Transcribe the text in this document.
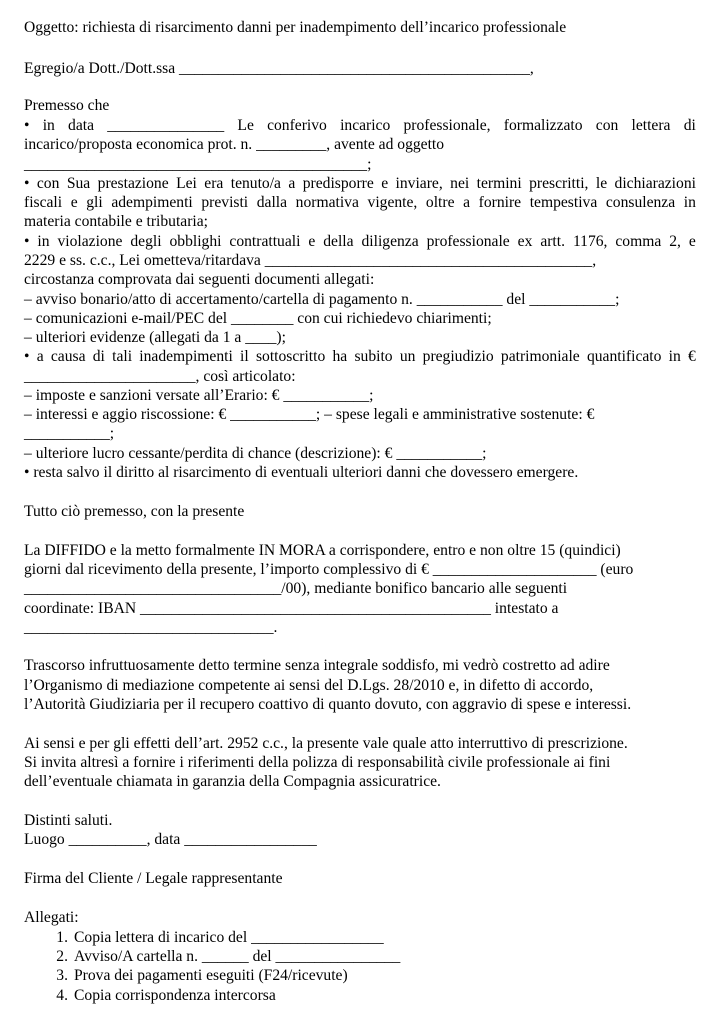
Oggetto: richiesta di risarcimento danni per inadempimento dell’incarico professionale
Egregio/a Dott./Dott.ssa _____________________________________________,
Premesso che
• in data _______________ Le conferivo incarico professionale, formalizzato con lettera di
incarico/proposta economica prot. n. _________, avente ad oggetto
____________________________________________;
• con Sua prestazione Lei era tenuto/a a predisporre e inviare, nei termini prescritti, le dichiarazioni
fiscali e gli adempimenti previsti dalla normativa vigente, oltre a fornire tempestiva consulenza in
materia contabile e tributaria;
• in violazione degli obblighi contrattuali e della diligenza professionale ex artt. 1176, comma 2, e
2229 e ss. c.c., Lei ometteva/ritardava __________________________________________,
circostanza comprovata dai seguenti documenti allegati:
– avviso bonario/atto di accertamento/cartella di pagamento n. ___________ del ___________;
– comunicazioni e-mail/PEC del ________ con cui richiedevo chiarimenti;
– ulteriori evidenze (allegati da 1 a ____);
• a causa di tali inadempimenti il sottoscritto ha subito un pregiudizio patrimoniale quantificato in €
______________________, così articolato:
– imposte e sanzioni versate all’Erario: € ___________;
– interessi e aggio riscossione: € ___________; – spese legali e amministrative sostenute: €
___________;
– ulteriore lucro cessante/perdita di chance (descrizione): € ___________;
• resta salvo il diritto al risarcimento di eventuali ulteriori danni che dovessero emergere.
Tutto ciò premesso, con la presente
La DIFFIDO e la metto formalmente IN MORA a corrispondere, entro e non oltre 15 (quindici)
giorni dal ricevimento della presente, l’importo complessivo di € _____________________ (euro
_________________________________/00), mediante bonifico bancario alle seguenti
coordinate: IBAN _____________________________________________ intestato a
________________________________.
Trascorso infruttuosamente detto termine senza integrale soddisfo, mi vedrò costretto ad adire
l’Organismo di mediazione competente ai sensi del D.Lgs. 28/2010 e, in difetto di accordo,
l’Autorità Giudiziaria per il recupero coattivo di quanto dovuto, con aggravio di spese e interessi.
Ai sensi e per gli effetti dell’art. 2952 c.c., la presente vale quale atto interruttivo di prescrizione.
Si invita altresì a fornire i riferimenti della polizza di responsabilità civile professionale ai fini
dell’eventuale chiamata in garanzia della Compagnia assicuratrice.
Distinti saluti.
Luogo __________, data _________________
Firma del Cliente / Legale rappresentante
Allegati:
1. Copia lettera di incarico del _________________
2. Avviso/A cartella n. ______ del ________________
3. Prova dei pagamenti eseguiti (F24/ricevute)
4. Copia corrispondenza intercorsa
